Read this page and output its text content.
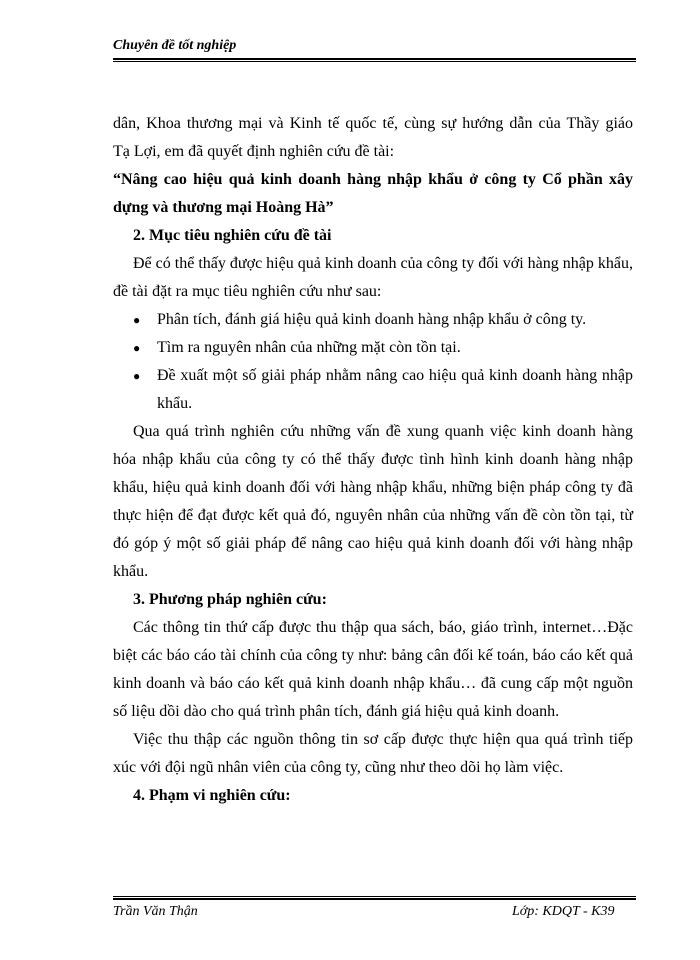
Chuyên đề tốt nghiệp

dân, Khoa thương mại và Kinh tế quốc tế, cùng sự hướng dẫn của Thầy giáo

Tạ Lợi, em đã quyết định nghiên cứu đề tài:

“Nâng cao hiệu quả kinh doanh hàng nhập khẩu ở công ty Cổ phần xây dựng và thương mại Hoàng Hà”

2. Mục tiêu nghiên cứu đề tài

Để có thể thấy được hiệu quả kinh doanh của công ty đối với hàng nhập khẩu, đề tài đặt ra mục tiêu nghiên cứu như sau:

● Phân tích, đánh giá hiệu quả kinh doanh hàng nhập khẩu ở công ty.
● Tìm ra nguyên nhân của những mặt còn tồn tại.
● Đề xuất một số giải pháp nhằm nâng cao hiệu quả kinh doanh hàng nhập khẩu.

Qua quá trình nghiên cứu những vấn đề xung quanh việc kinh doanh hàng hóa nhập khẩu của công ty có thể thấy được tình hình kinh doanh hàng nhập khẩu, hiệu quả kinh doanh đối với hàng nhập khẩu, những biện pháp công ty đã thực hiện để đạt được kết quả đó, nguyên nhân của những vấn đề còn tồn tại, từ đó góp ý một số giải pháp để nâng cao hiệu quả kinh doanh đối với hàng nhập khẩu.

3. Phương pháp nghiên cứu:

Các thông tin thứ cấp được thu thập qua sách, báo, giáo trình, internet…Đặc biệt các báo cáo tài chính của công ty như: bảng cân đối kế toán, báo cáo kết quả kinh doanh và báo cáo kết quả kinh doanh nhập khẩu… đã cung cấp một nguồn số liệu dồi dào cho quá trình phân tích, đánh giá hiệu quả kinh doanh.

Việc thu thập các nguồn thông tin sơ cấp được thực hiện qua quá trình tiếp xúc với đội ngũ nhân viên của công ty, cũng như theo dõi họ làm việc.

4. Phạm vi nghiên cứu:

Trần Văn Thận	Lớp: KDQT - K39
